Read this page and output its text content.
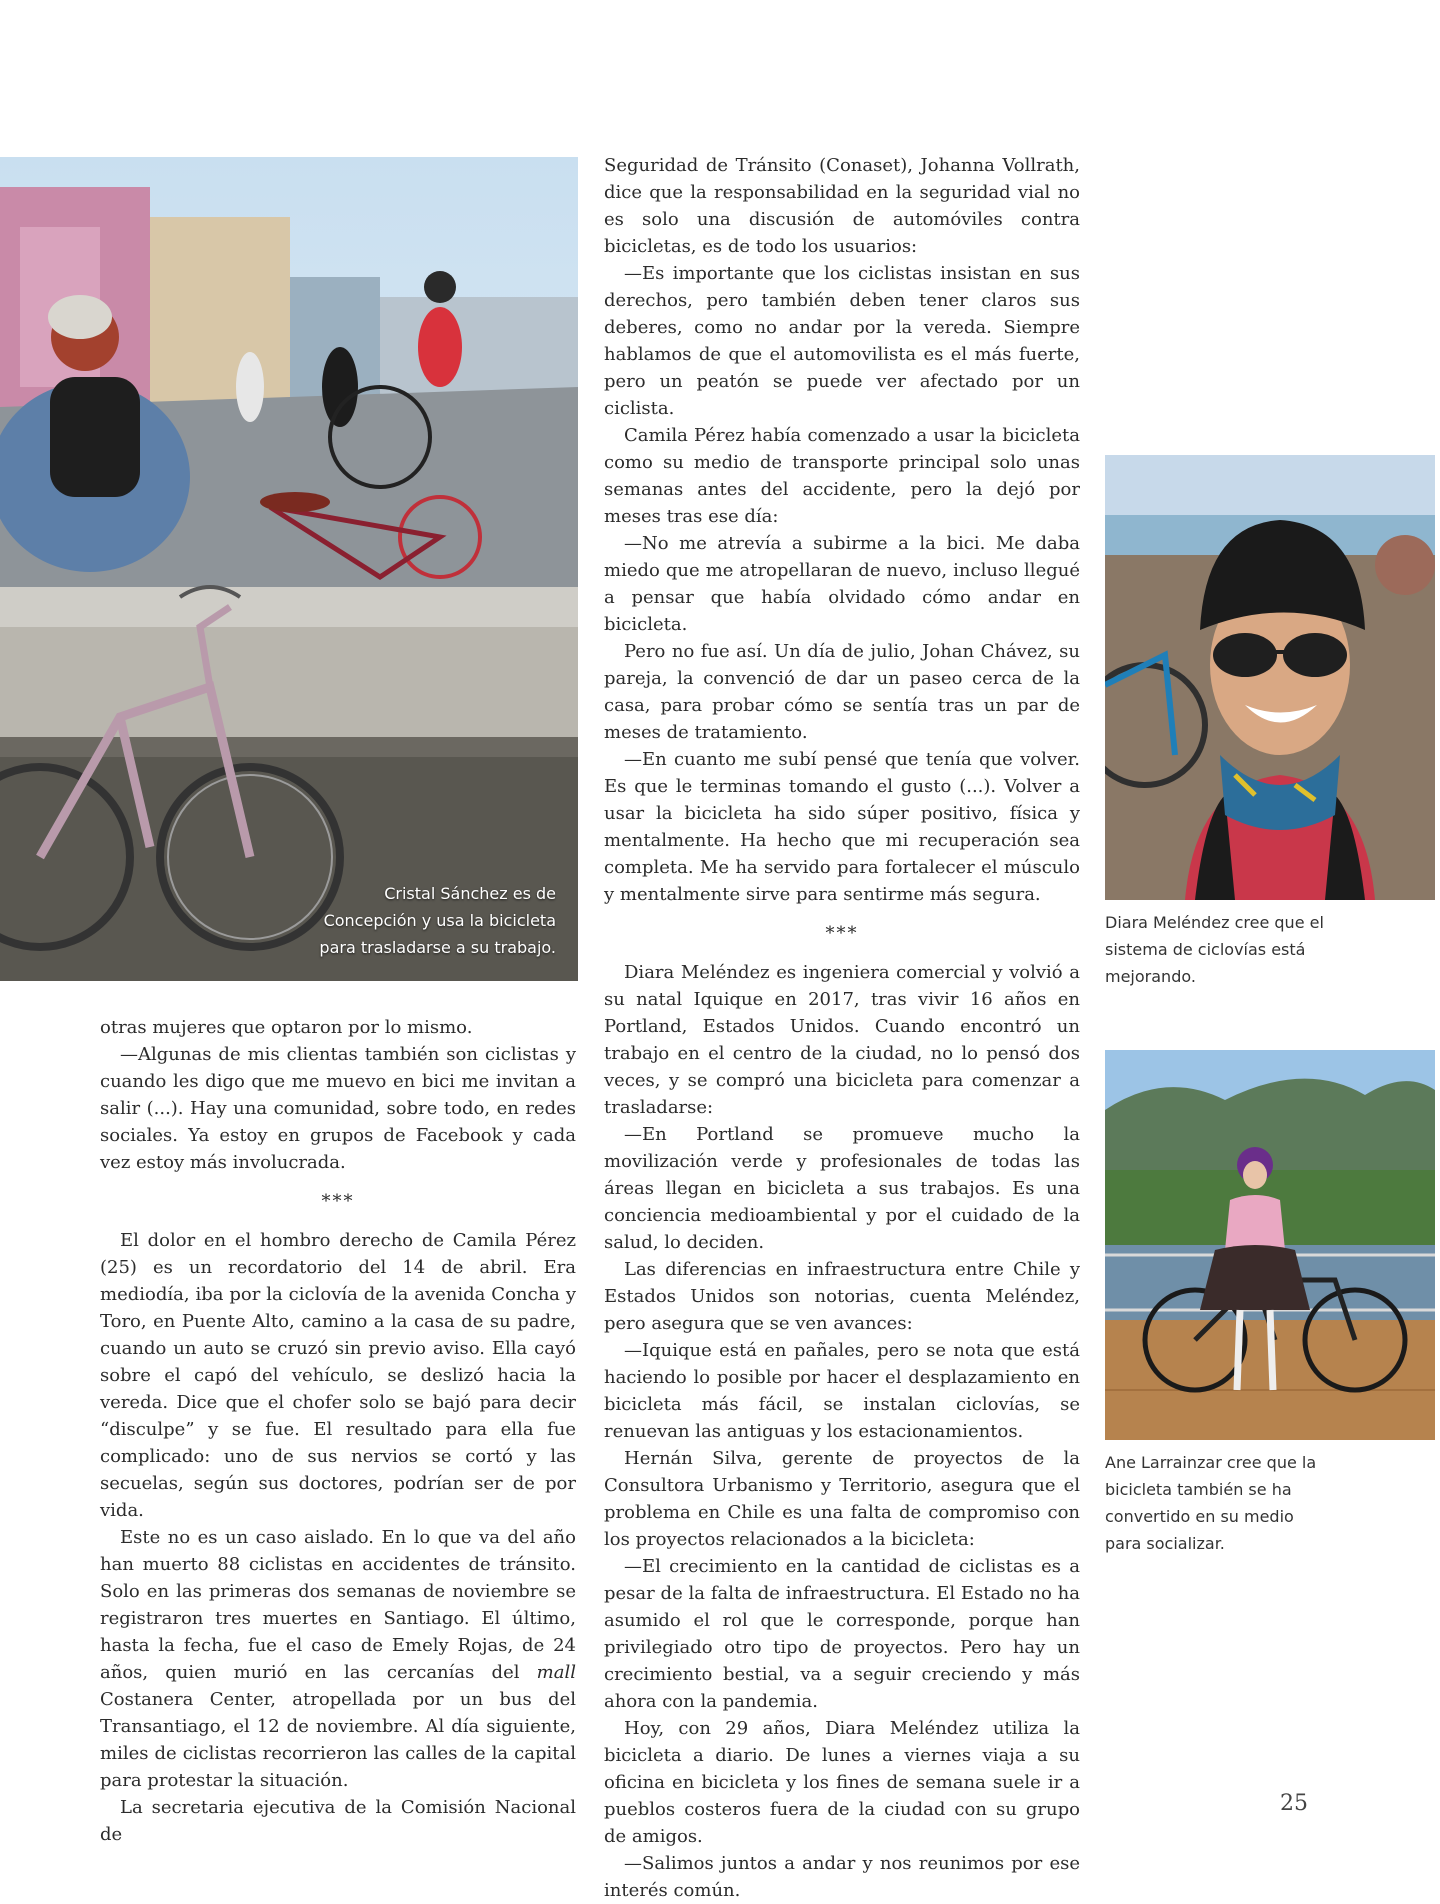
Cristal Sánchez es de Concepción y usa la bicicleta para trasladarse a su trabajo.

Diara Meléndez cree que el sistema de ciclovías está mejorando.

Ane Larrainzar cree que la bicicleta también se ha convertido en su medio para socializar.

otras mujeres que optaron por lo mismo.

—Algunas de mis clientas también son ciclistas y cuando les digo que me muevo en bici me invitan a salir (...). Hay una comunidad, sobre todo, en redes sociales. Ya estoy en grupos de Facebook y cada vez estoy más involucrada.

***

El dolor en el hombro derecho de Camila Pérez (25) es un recordatorio del 14 de abril. Era mediodía, iba por la ciclovía de la avenida Concha y Toro, en Puente Alto, camino a la casa de su padre, cuando un auto se cruzó sin previo aviso. Ella cayó sobre el capó del vehículo, se deslizó hacia la vereda. Dice que el chofer solo se bajó para decir “disculpe” y se fue. El resultado para ella fue complicado: uno de sus nervios se cortó y las secuelas, según sus doctores, podrían ser de por vida.

Este no es un caso aislado. En lo que va del año han muerto 88 ciclistas en accidentes de tránsito. Solo en las primeras dos semanas de noviembre se registraron tres muertes en Santiago. El último, hasta la fecha, fue el caso de Emely Rojas, de 24 años, quien murió en las cercanías del mall Costanera Center, atropellada por un bus del Transantiago, el 12 de noviembre. Al día siguiente, miles de ciclistas recorrieron las calles de la capital para protestar la situación.

La secretaria ejecutiva de la Comisión Nacional de

Seguridad de Tránsito (Conaset), Johanna Vollrath, dice que la responsabilidad en la seguridad vial no es solo una discusión de automóviles contra bicicletas, es de todo los usuarios:

—Es importante que los ciclistas insistan en sus derechos, pero también deben tener claros sus deberes, como no andar por la vereda. Siempre hablamos de que el automovilista es el más fuerte, pero un peatón se puede ver afectado por un ciclista.

Camila Pérez había comenzado a usar la bicicleta como su medio de transporte principal solo unas semanas antes del accidente, pero la dejó por meses tras ese día:

—No me atrevía a subirme a la bici. Me daba miedo que me atropellaran de nuevo, incluso llegué a pensar que había olvidado cómo andar en bicicleta.

Pero no fue así. Un día de julio, Johan Chávez, su pareja, la convenció de dar un paseo cerca de la casa, para probar cómo se sentía tras un par de meses de tratamiento.

—En cuanto me subí pensé que tenía que volver. Es que le terminas tomando el gusto (...). Volver a usar la bicicleta ha sido súper positivo, física y mentalmente. Ha hecho que mi recuperación sea completa. Me ha servido para fortalecer el músculo y mentalmente sirve para sentirme más segura.

***

Diara Meléndez es ingeniera comercial y volvió a su natal Iquique en 2017, tras vivir 16 años en Portland, Estados Unidos. Cuando encontró un trabajo en el centro de la ciudad, no lo pensó dos veces, y se compró una bicicleta para comenzar a trasladarse:

—En Portland se promueve mucho la movilización verde y profesionales de todas las áreas llegan en bicicleta a sus trabajos. Es una conciencia medioambiental y por el cuidado de la salud, lo deciden.

Las diferencias en infraestructura entre Chile y Estados Unidos son notorias, cuenta Meléndez, pero asegura que se ven avances:

—Iquique está en pañales, pero se nota que está haciendo lo posible por hacer el desplazamiento en bicicleta más fácil, se instalan ciclovías, se renuevan las antiguas y los estacionamientos.

Hernán Silva, gerente de proyectos de la Consultora Urbanismo y Territorio, asegura que el problema en Chile es una falta de compromiso con los proyectos relacionados a la bicicleta:

—El crecimiento en la cantidad de ciclistas es a pesar de la falta de infraestructura. El Estado no ha asumido el rol que le corresponde, porque han privilegiado otro tipo de proyectos. Pero hay un crecimiento bestial, va a seguir creciendo y más ahora con la pandemia.

Hoy, con 29 años, Diara Meléndez utiliza la bicicleta a diario. De lunes a viernes viaja a su oficina en bicicleta y los fines de semana suele ir a pueblos costeros fuera de la ciudad con su grupo de amigos.

—Salimos juntos a andar y nos reunimos por ese interés común.

25
